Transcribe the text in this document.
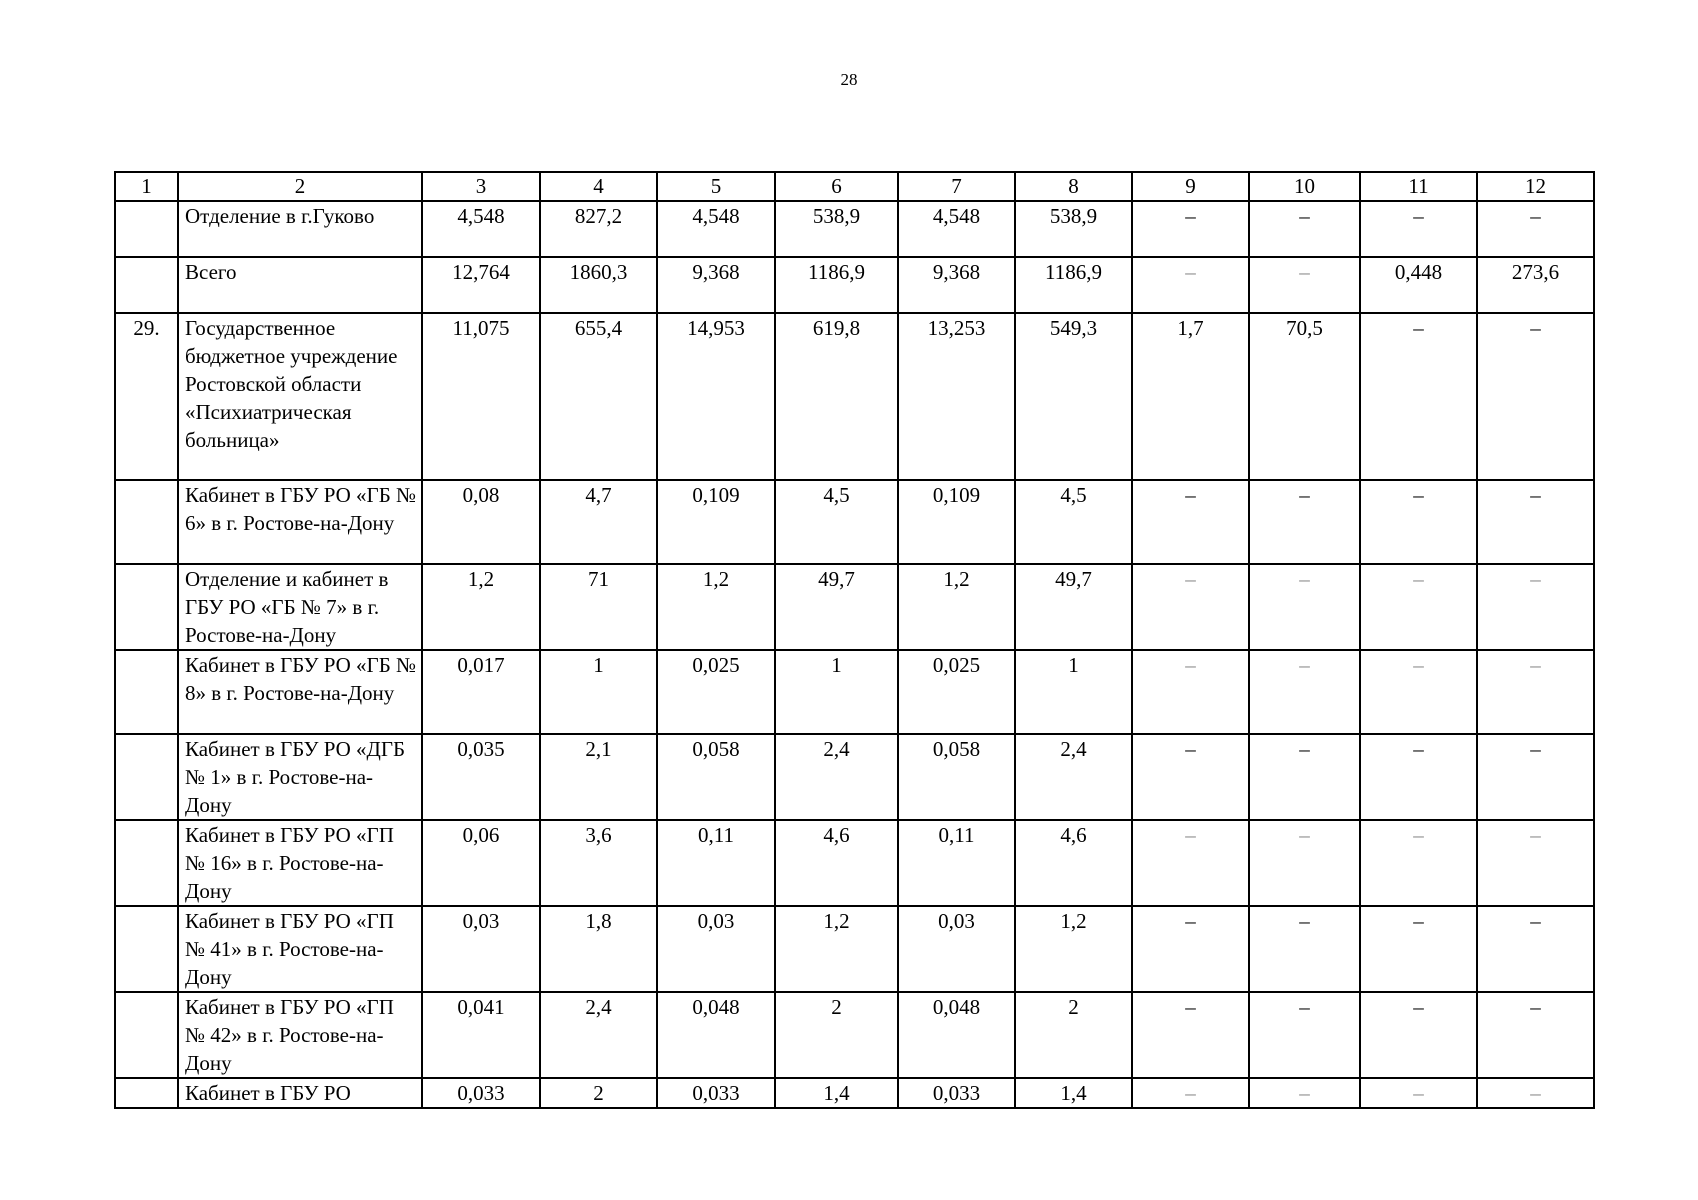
28
1	2	3	4	5	6	7	8	9	10	11	12
	Отделение в г.Гуково	4,548	827,2	4,548	538,9	4,548	538,9	–	–	–	–
	Всего	12,764	1860,3	9,368	1186,9	9,368	1186,9	–	–	0,448	273,6
29.	Государственное бюджетное учреждение Ростовской области «Психиатрическая больница»	11,075	655,4	14,953	619,8	13,253	549,3	1,7	70,5	–	–
	Кабинет в ГБУ РО «ГБ № 6» в г. Ростове-на-Дону	0,08	4,7	0,109	4,5	0,109	4,5	–	–	–	–
	Отделение и кабинет в ГБУ РО «ГБ № 7» в г. Ростове-на-Дону	1,2	71	1,2	49,7	1,2	49,7	–	–	–	–
	Кабинет в ГБУ РО «ГБ № 8» в г. Ростове-на-Дону	0,017	1	0,025	1	0,025	1	–	–	–	–
	Кабинет в ГБУ РО «ДГБ № 1» в г. Ростове-на-Дону	0,035	2,1	0,058	2,4	0,058	2,4	–	–	–	–
	Кабинет в ГБУ РО «ГП № 16» в г. Ростове-на-Дону	0,06	3,6	0,11	4,6	0,11	4,6	–	–	–	–
	Кабинет в ГБУ РО «ГП № 41» в г. Ростове-на-Дону	0,03	1,8	0,03	1,2	0,03	1,2	–	–	–	–
	Кабинет в ГБУ РО «ГП № 42» в г. Ростове-на-Дону	0,041	2,4	0,048	2	0,048	2	–	–	–	–
	Кабинет в ГБУ РО	0,033	2	0,033	1,4	0,033	1,4	–	–	–	–
